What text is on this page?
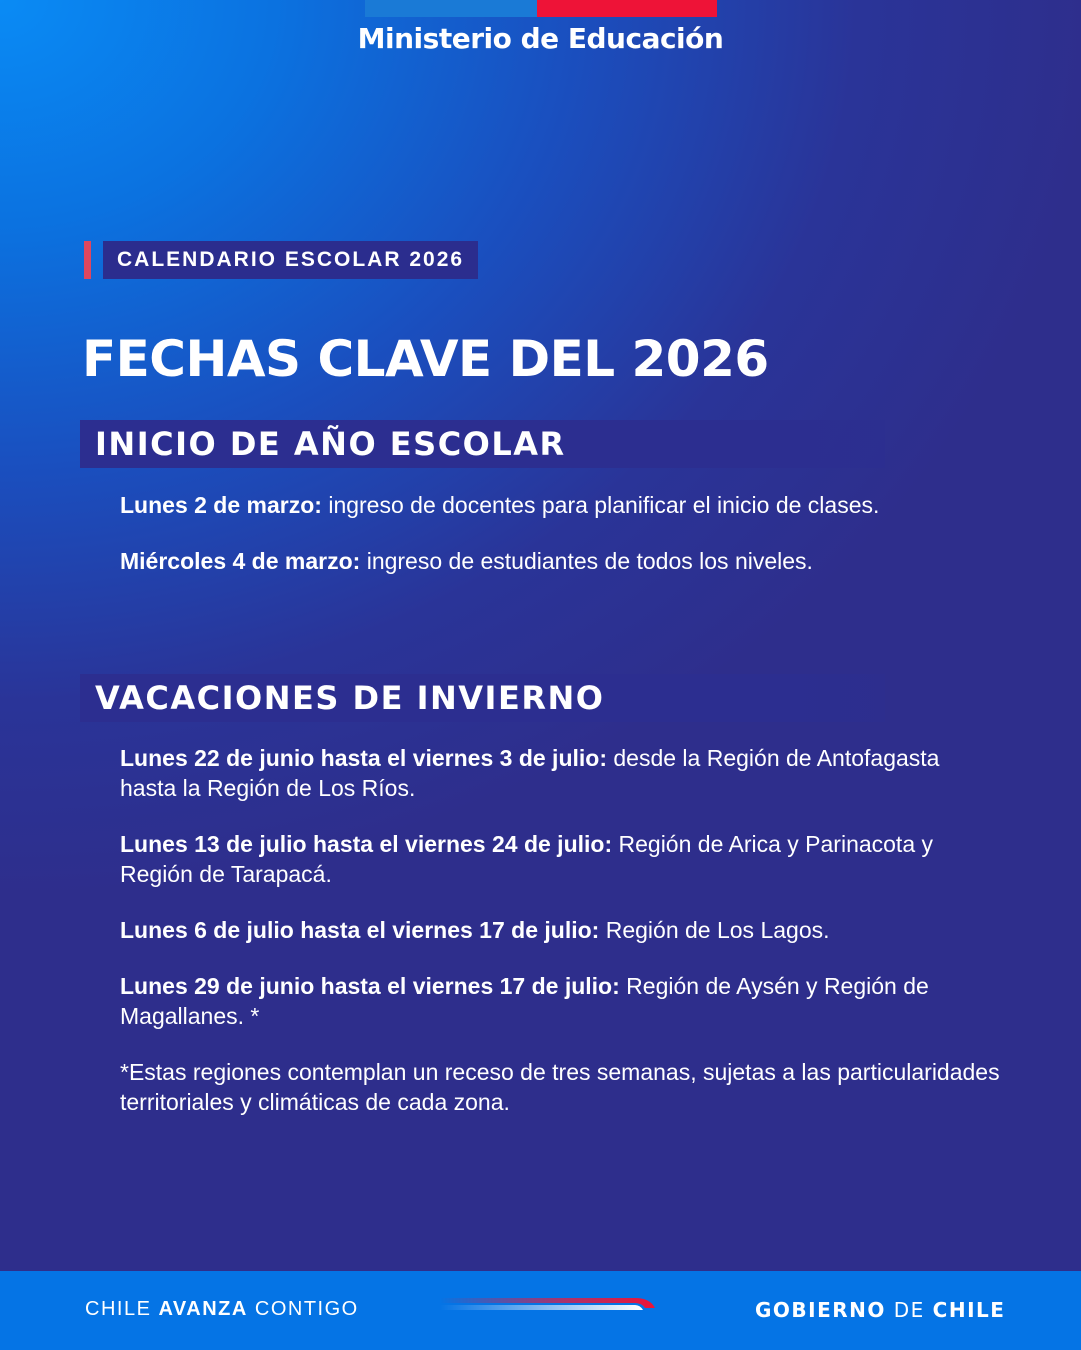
Ministerio de Educación
CALENDARIO ESCOLAR 2026
FECHAS CLAVE DEL 2026
INICIO DE AÑO ESCOLAR

Lunes 2 de marzo: ingreso de docentes para planificar el inicio de clases.

Miércoles 4 de marzo: ingreso de estudiantes de todos los niveles.

VACACIONES DE INVIERNO

Lunes 22 de junio hasta el viernes 3 de julio: desde la Región de Antofagasta hasta la Región de Los Ríos.

Lunes 13 de julio hasta el viernes 24 de julio: Región de Arica y Parinacota y Región de Tarapacá.

Lunes 6 de julio hasta el viernes 17 de julio: Región de Los Lagos.

Lunes 29 de junio hasta el viernes 17 de julio: Región de Aysén y Región de Magallanes. *

*Estas regiones contemplan un receso de tres semanas, sujetas a las particularidades territoriales y climáticas de cada zona.

CHILE AVANZA CONTIGO	GOBIERNO DE CHILE
